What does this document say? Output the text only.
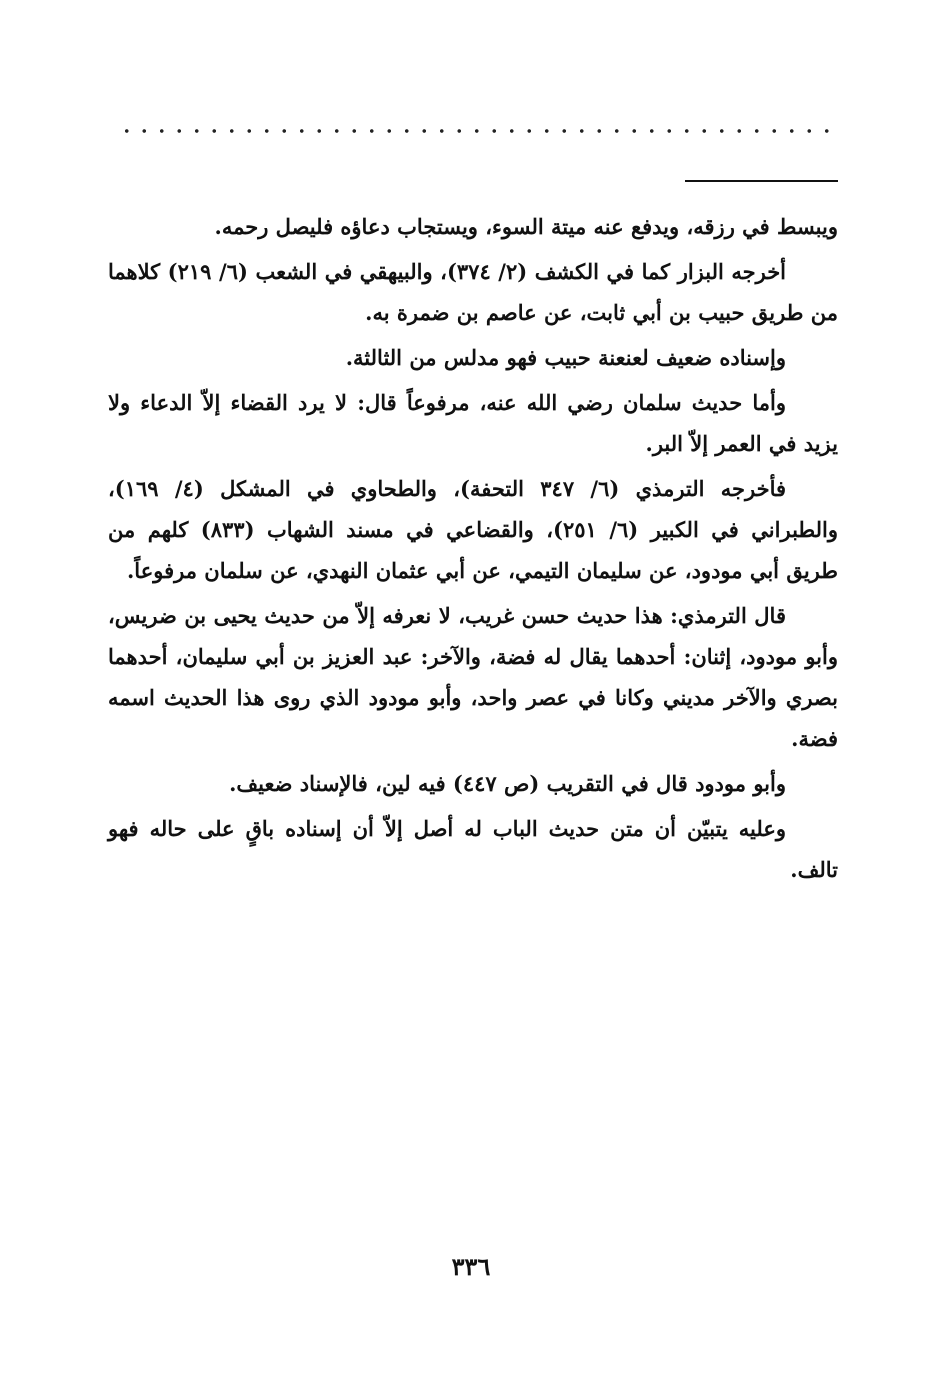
ويبسط في رزقه، ويدفع عنه ميتة السوء، ويستجاب دعاؤه فليصل رحمه.

أخرجه البزار كما في الكشف (٢/ ٣٧٤)، والبيهقي في الشعب (٦/ ٢١٩) كلاهما من طريق حبيب بن أبي ثابت، عن عاصم بن ضمرة به.

وإسناده ضعيف لعنعنة حبيب فهو مدلس من الثالثة.

وأما حديث سلمان رضي الله عنه، مرفوعاً قال: لا يرد القضاء إلاّ الدعاء ولا يزيد في العمر إلاّ البر.

فأخرجه الترمذي (٦/ ٣٤٧ التحفة)، والطحاوي في المشكل (٤/ ١٦٩)، والطبراني في الكبير (٦/ ٢٥١)، والقضاعي في مسند الشهاب (٨٣٣) كلهم من طريق أبي مودود، عن سليمان التيمي، عن أبي عثمان النهدي، عن سلمان مرفوعاً.

قال الترمذي: هذا حديث حسن غريب، لا نعرفه إلاّ من حديث يحيى بن ضريس، وأبو مودود، إثنان: أحدهما يقال له فضة، والآخر: عبد العزيز بن أبي سليمان، أحدهما بصري والآخر مديني وكانا في عصر واحد، وأبو مودود الذي روى هذا الحديث اسمه فضة.

وأبو مودود قال في التقريب (ص ٤٤٧) فيه لين، فالإسناد ضعيف.

وعليه يتبيّن أن متن حديث الباب له أصل إلاّ أن إسناده باقٍ على حاله فهو تالف.

٣٣٦
